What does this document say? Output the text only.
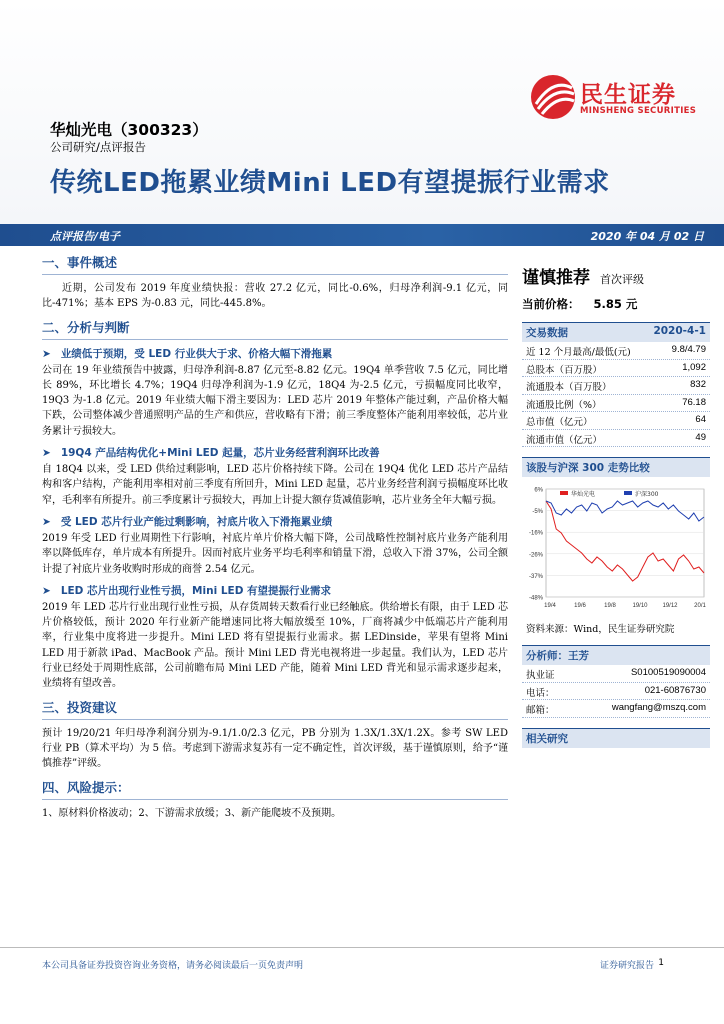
民生证券
MINSHENG SECURITIES
华灿光电（300323）
公司研究/点评报告
传统LED拖累业绩Mini LED有望提振行业需求
点评报告/电子	2020 年 04 月 02 日
一、事件概述
近期，公司发布 2019 年度业绩快报：营收 27.2 亿元，同比-0.6%，归母净利润-9.1 亿元，同比-471%；基本 EPS 为-0.83 元，同比-445.8%。
二、分析与判断
➤ 业绩低于预期，受 LED 行业供大于求、价格大幅下滑拖累
公司在 19 年业绩预告中披露，归母净利润-8.87 亿元至-8.82 亿元。19Q4 单季营收 7.5 亿元，同比增长 89%，环比增长 4.7%；19Q4 归母净利润为-1.9 亿元，18Q4 为-2.5 亿元，亏损幅度同比收窄，19Q3 为-1.8 亿元。2019 年业绩大幅下滑主要因为：LED 芯片 2019 年整体产能过剩，产品价格大幅下跌，公司整体减少普通照明产品的生产和供应，营收略有下滑；前三季度整体产能利用率较低，芯片业务累计亏损较大。
➤ 19Q4 产品结构优化+Mini LED 起量，芯片业务经营利润环比改善
自 18Q4 以来，受 LED 供给过剩影响，LED 芯片价格持续下降。公司在 19Q4 优化 LED 芯片产品结构和客户结构，产能利用率相对前三季度有所回升，Mini LED 起量，芯片业务经营利润亏损幅度环比收窄，毛利率有所提升。前三季度累计亏损较大，再加上计提大额存货减值影响，芯片业务全年大幅亏损。
➤ 受 LED 芯片行业产能过剩影响，衬底片收入下滑拖累业绩
2019 年受 LED 行业周期性下行影响，衬底片单片价格大幅下降，公司战略性控制衬底片业务产能利用率以降低库存，单片成本有所提升。因而衬底片业务平均毛利率和销量下滑，总收入下滑 37%，公司全额计提了衬底片业务收购时形成的商誉 2.54 亿元。
➤ LED 芯片出现行业性亏损，Mini LED 有望提振行业需求
2019 年 LED 芯片行业出现行业性亏损，从存货周转天数看行业已经触底。供给增长有限，由于 LED 芯片价格较低，预计 2020 年行业新产能增速同比将大幅放缓至 10%，厂商将减少中低端芯片产能利用率，行业集中度将进一步提升。Mini LED 将有望提振行业需求。据 LEDinside，苹果有望将 Mini LED 用于新款 iPad、MacBook 产品。预计 Mini LED 背光电视将进一步起量。我们认为，LED 芯片行业已经处于周期性底部，公司前瞻布局 Mini LED 产能，随着 Mini LED 背光和显示需求逐步起来，业绩将有望改善。
三、投资建议
预计 19/20/21 年归母净利润分别为-9.1/1.0/2.3 亿元，PB 分别为 1.3X/1.3X/1.2X。参考 SW LED 行业 PB（算术平均）为 5 倍。考虑到下游需求复苏有一定不确定性，首次评级，基于谨慎原则，给予“谨慎推荐”评级。
四、风险提示：
1、原材料价格波动；2、下游需求放缓；3、新产能爬坡不及预期。
谨慎推荐 首次评级
当前价格： 5.85 元
交易数据	2020-4-1
近 12 个月最高/最低(元)	9.8/4.79
总股本（百万股）	1,092
流通股本（百万股）	832
流通股比例（%）	76.18
总市值（亿元）	64
流通市值（亿元）	49
该股与沪深 300 走势比较
6%
-5%
-16%
-26%
-37%
-48%
19/4	19/6	19/8	19/10 19/12	20/1
华灿光电	沪深300
资料来源：Wind，民生证券研究院
分析师：王芳
执业证	S0100519090004
电话：	021-60876730
邮箱：	wangfang@mszq.com
相关研究
本公司具备证券投资咨询业务资格，请务必阅读最后一页免责声明	证券研究报告 1
